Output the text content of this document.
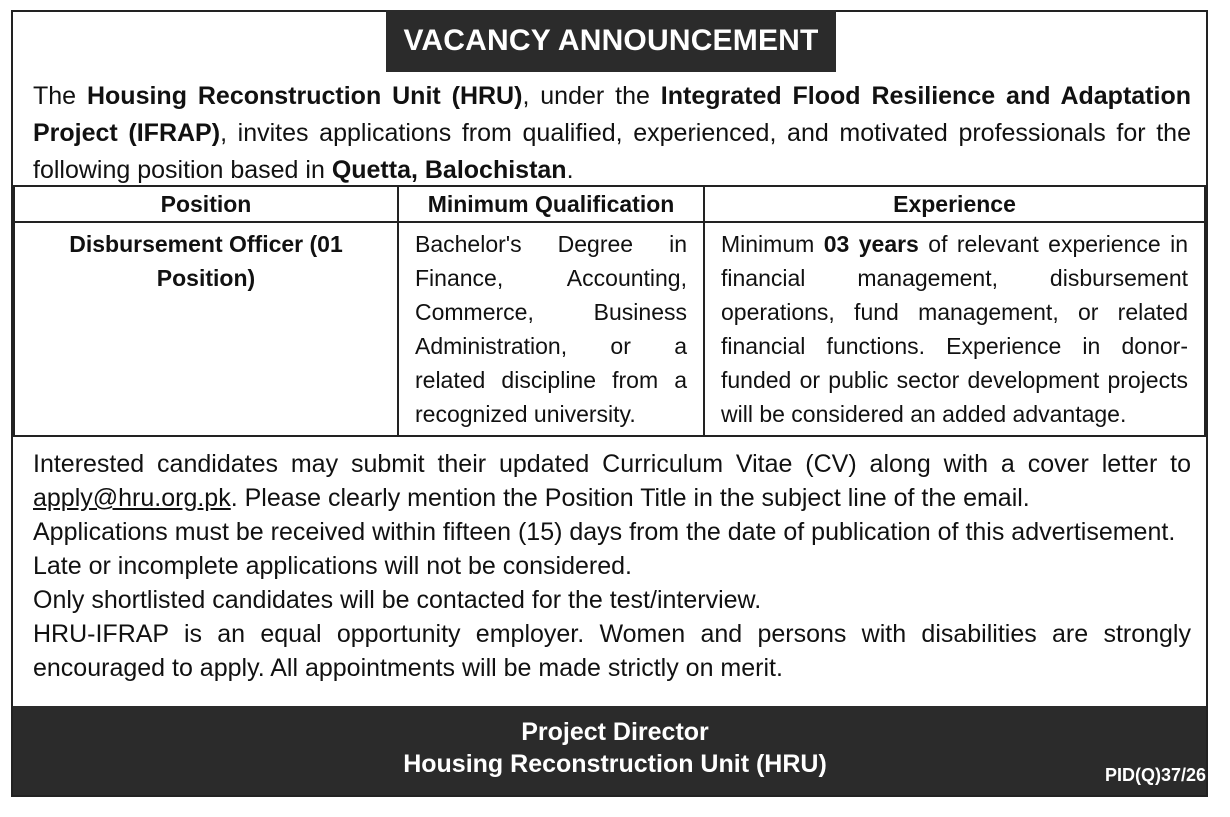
VACANCY ANNOUNCEMENT
The Housing Reconstruction Unit (HRU), under the Integrated Flood Resilience and Adaptation Project (IFRAP), invites applications from qualified, experienced, and motivated professionals for the following position based in Quetta, Balochistan.
Position	Minimum Qualification	Experience
Disbursement Officer (01 Position)	Bachelor's Degree in Finance, Accounting, Commerce, Business Administration, or a related discipline from a recognized university.	Minimum 03 years of relevant experience in financial management, disbursement operations, fund management, or related financial functions. Experience in donor-funded or public sector development projects will be considered an added advantage.

Interested candidates may submit their updated Curriculum Vitae (CV) along with a cover letter to apply@hru.org.pk. Please clearly mention the Position Title in the subject line of the email.

Applications must be received within fifteen (15) days from the date of publication of this advertisement.

Late or incomplete applications will not be considered.

Only shortlisted candidates will be contacted for the test/interview.

HRU-IFRAP is an equal opportunity employer. Women and persons with disabilities are strongly encouraged to apply. All appointments will be made strictly on merit.

Project Director
Housing Reconstruction Unit (HRU)	PID(Q)37/26
